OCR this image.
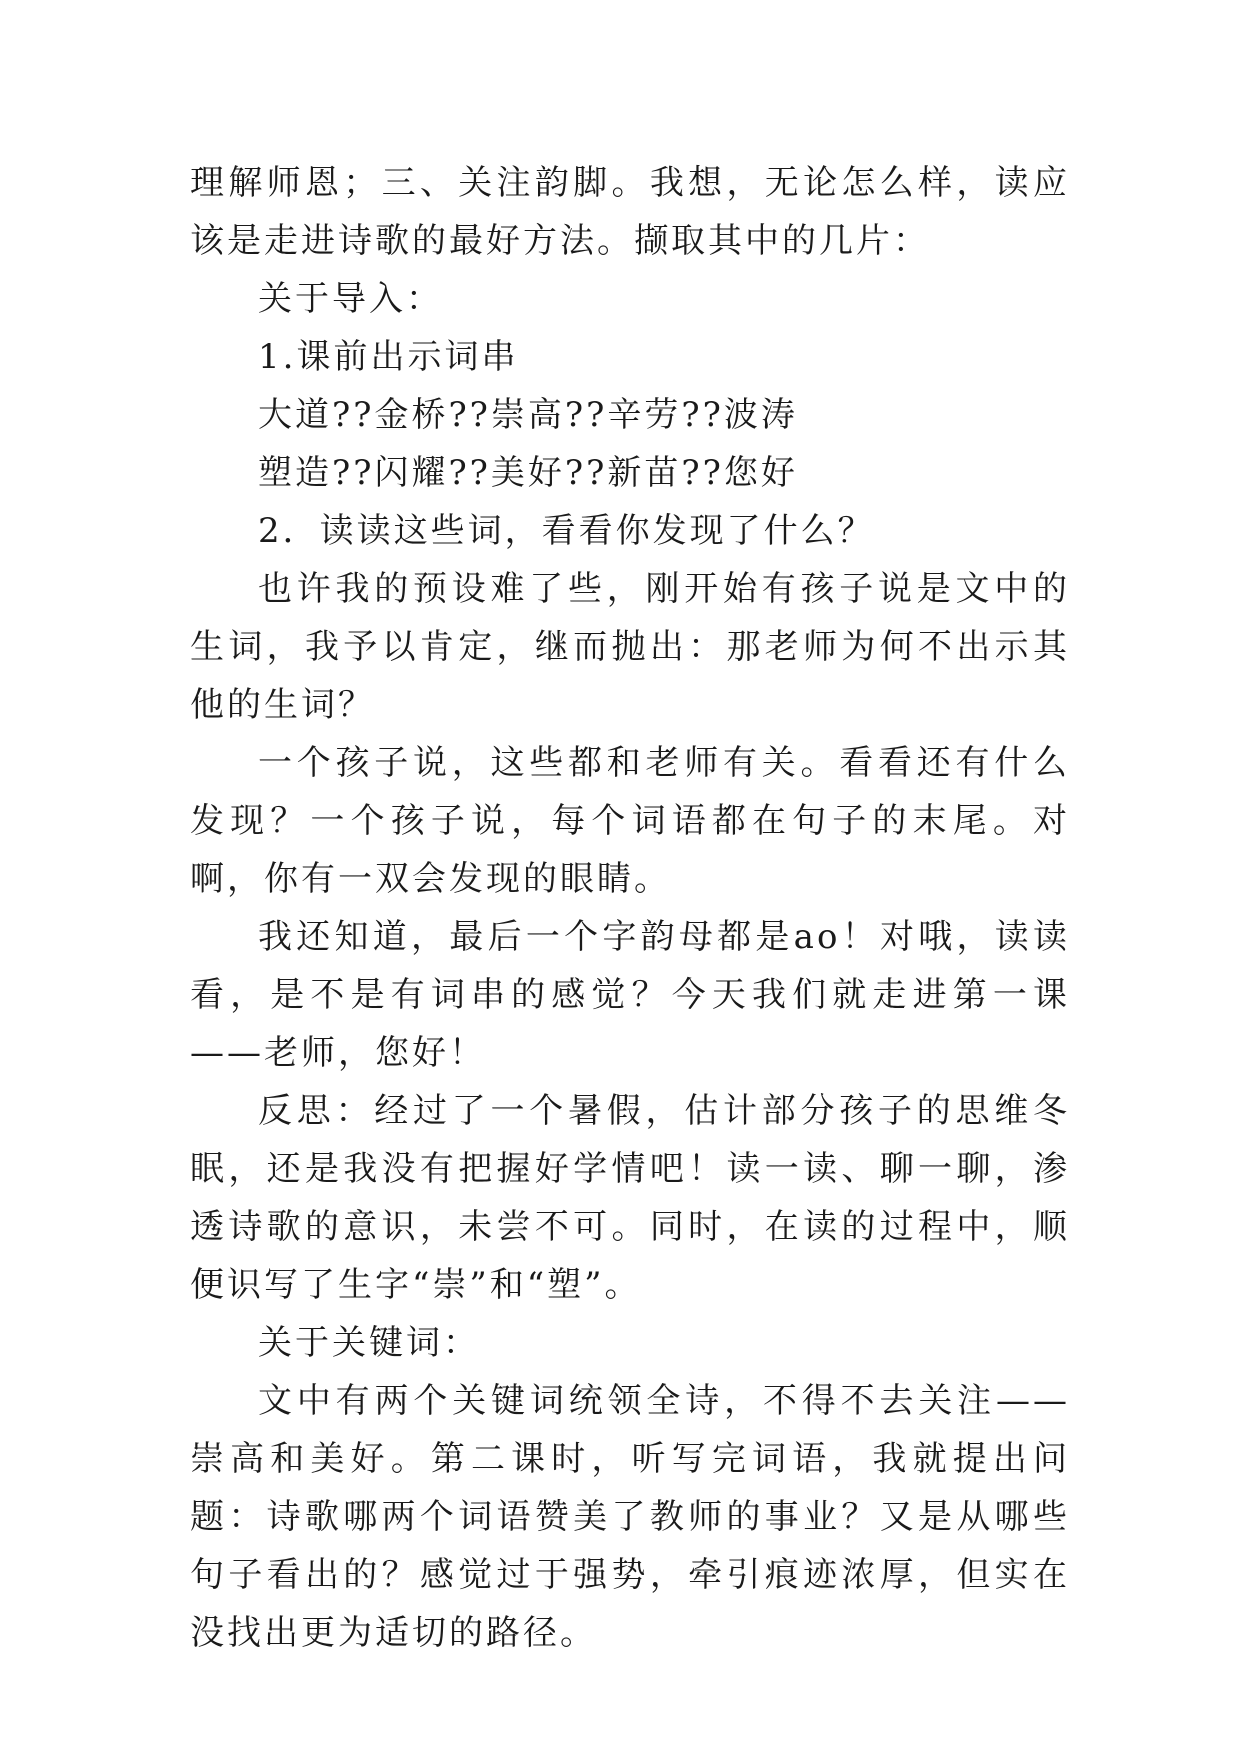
理解师恩；三、关注韵脚。我想，无论怎么样，读应该是走进诗歌的最好方法。撷取其中的几片：

关于导入：

1.课前出示词串

大道??金桥??崇高??辛劳??波涛

塑造??闪耀??美好??新苗??您好

2．读读这些词，看看你发现了什么？

也许我的预设难了些，刚开始有孩子说是文中的生词，我予以肯定，继而抛出：那老师为何不出示其他的生词？

一个孩子说，这些都和老师有关。看看还有什么发现？一个孩子说，每个词语都在句子的末尾。对啊，你有一双会发现的眼睛。

我还知道，最后一个字韵母都是ao！对哦，读读看，是不是有词串的感觉？今天我们就走进第一课——老师，您好！

反思：经过了一个暑假，估计部分孩子的思维冬眠，还是我没有把握好学情吧！读一读、聊一聊，渗透诗歌的意识，未尝不可。同时，在读的过程中，顺便识写了生字“崇”和“塑”。

关于关键词：

文中有两个关键词统领全诗，不得不去关注——崇高和美好。第二课时，听写完词语，我就提出问题：诗歌哪两个词语赞美了教师的事业？又是从哪些句子看出的？感觉过于强势，牵引痕迹浓厚，但实在没找出更为适切的路径。
